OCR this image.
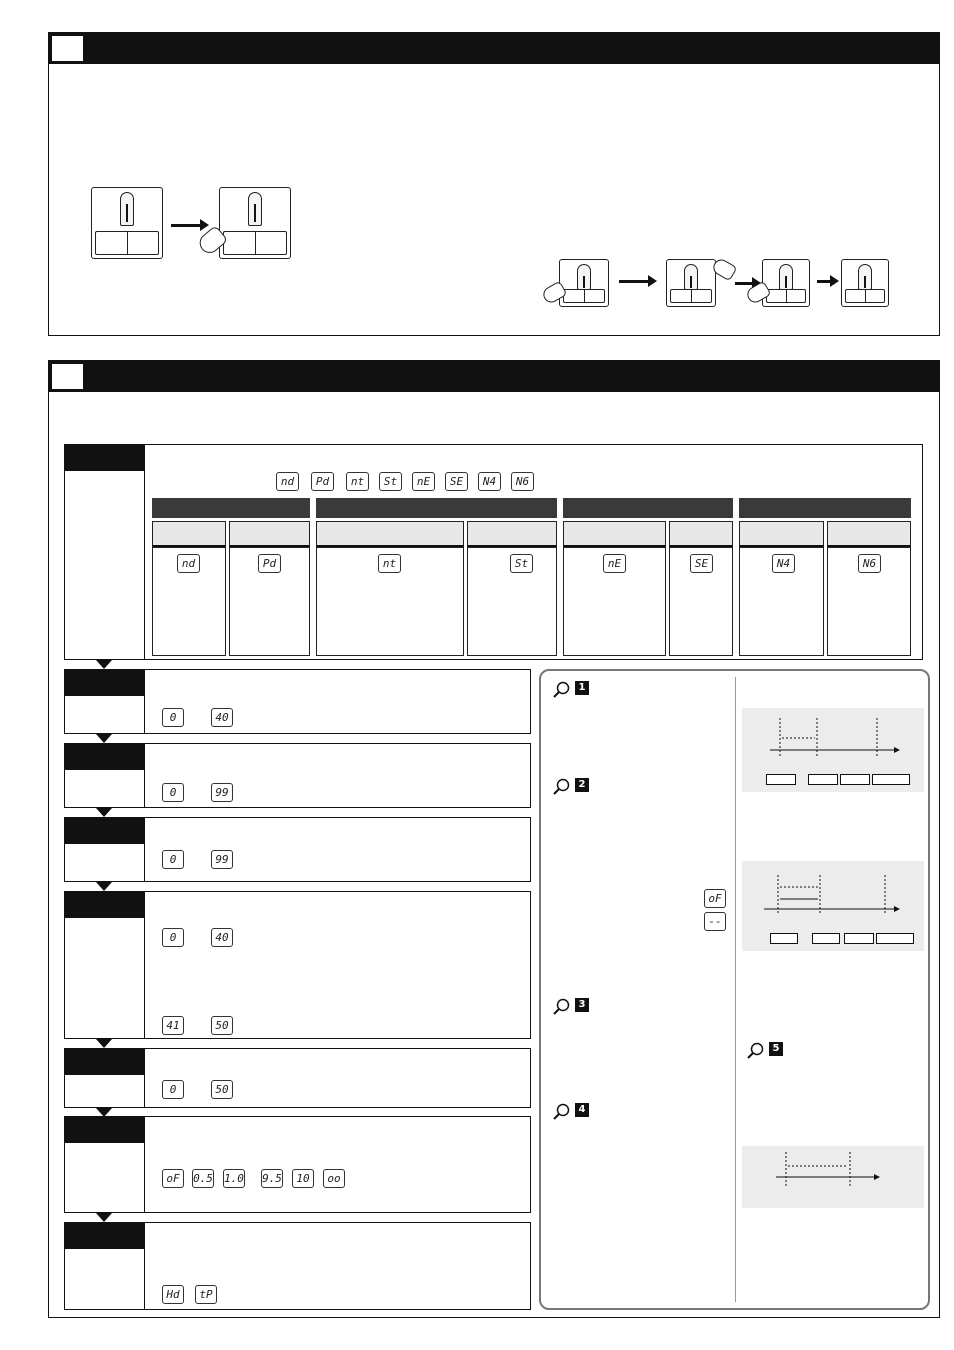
nd	Pd	nt	St	nE	SE	N4	N6
nd	Pd	nt	St	nE	SE	N4	N6
0	40
0	99
0	99
0	40
41	50
0	50
oF	0.5 1.0 9.5	10	oo
Hd	tP
1
2
oF
--
3
4
5
